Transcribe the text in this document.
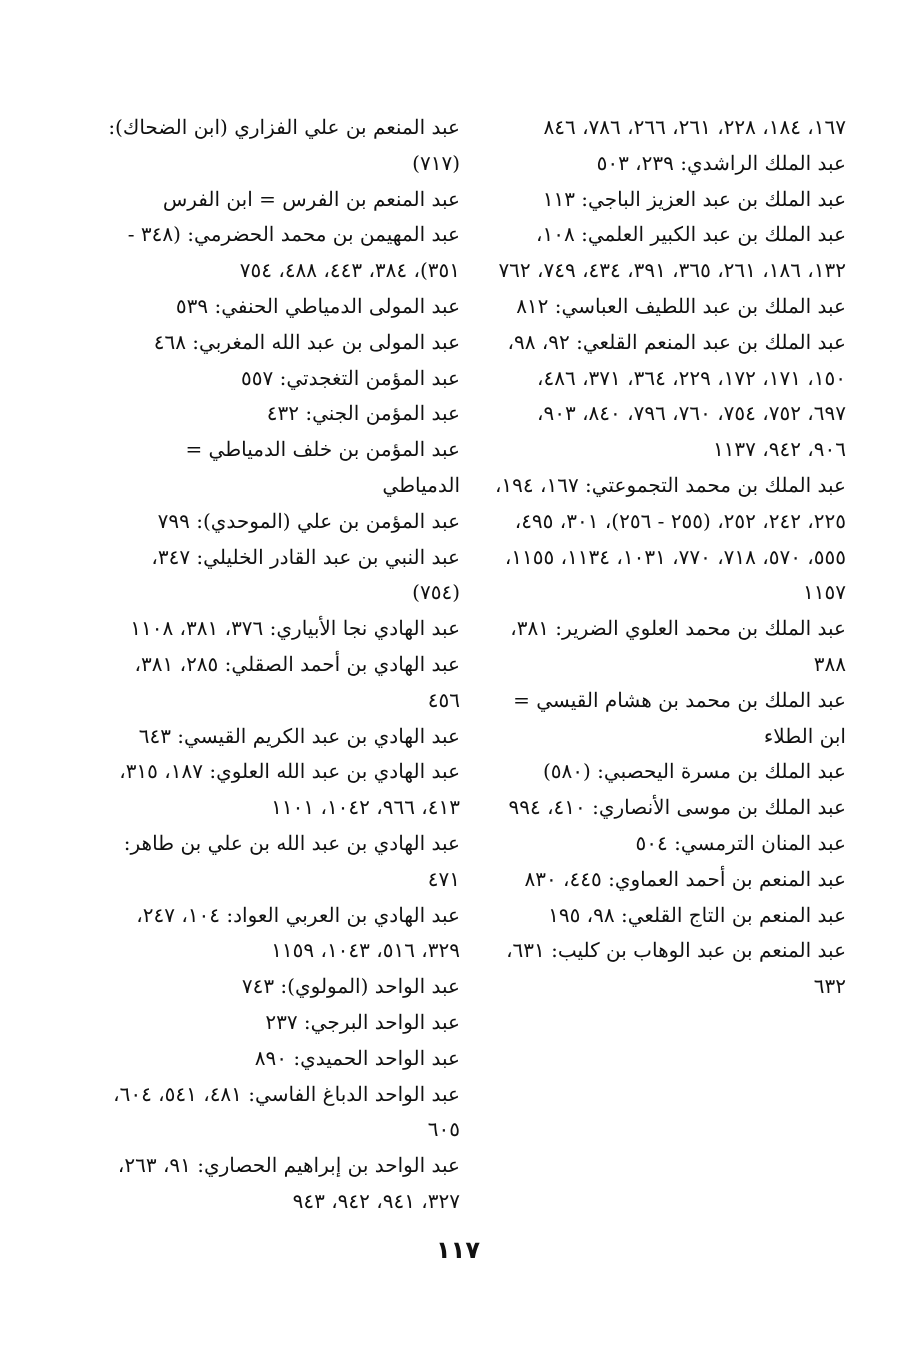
١٦٧، ١٨٤، ٢٢٨، ٢٦١، ٢٦٦، ٧٨٦، ٨٤٦

عبد الملك الراشدي: ٢٣٩، ٥٠٣

عبد الملك بن عبد العزيز الباجي: ١١٣

عبد الملك بن عبد الكبير العلمي: ١٠٨، ١٣٢، ١٨٦، ٢٦١، ٣٦٥، ٣٩١، ٤٣٤، ٧٤٩، ٧٦٢

عبد الملك بن عبد اللطيف العباسي: ٨١٢

عبد الملك بن عبد المنعم القلعي: ٩٢، ٩٨، ١٥٠، ١٧١، ١٧٢، ٢٢٩، ٣٦٤، ٣٧١، ٤٨٦، ٦٩٧، ٧٥٢، ٧٥٤، ٧٦٠، ٧٩٦، ٨٤٠، ٩٠٣، ٩٠٦، ٩٤٢، ١١٣٧

عبد الملك بن محمد التجموعتي: ١٦٧، ١٩٤، ٢٢٥، ٢٤٢، ٢٥٢، (٢٥٥ - ٢٥٦)، ٣٠١، ٤٩٥، ٥٥٥، ٥٧٠، ٧١٨، ٧٧٠، ١٠٣١، ١١٣٤، ١١٥٥، ١١٥٧

عبد الملك بن محمد العلوي الضرير: ٣٨١، ٣٨٨

عبد الملك بن محمد بن هشام القيسي = ابن الطلاء

عبد الملك بن مسرة اليحصبي: (٥٨٠)

عبد الملك بن موسى الأنصاري: ٤١٠، ٩٩٤

عبد المنان الترمسي: ٥٠٤

عبد المنعم بن أحمد العماوي: ٤٤٥، ٨٣٠

عبد المنعم بن التاج القلعي: ٩٨، ١٩٥

عبد المنعم بن عبد الوهاب بن كليب: ٦٣١، ٦٣٢

عبد المنعم بن علي الفزاري (ابن الضحاك): (٧١٧)

عبد المنعم بن الفرس = ابن الفرس

عبد المهيمن بن محمد الحضرمي: (٣٤٨ - ٣٥١)، ٣٨٤، ٤٤٣، ٤٨٨، ٧٥٤

عبد المولى الدمياطي الحنفي: ٥٣٩

عبد المولى بن عبد الله المغربي: ٤٦٨

عبد المؤمن التغجدتي: ٥٥٧

عبد المؤمن الجني: ٤٣٢

عبد المؤمن بن خلف الدمياطي = الدمياطي

عبد المؤمن بن علي (الموحدي): ٧٩٩

عبد النبي بن عبد القادر الخليلي: ٣٤٧، (٧٥٤)

عبد الهادي نجا الأبياري: ٣٧٦، ٣٨١، ١١٠٨

عبد الهادي بن أحمد الصقلي: ٢٨٥، ٣٨١، ٤٥٦

عبد الهادي بن عبد الكريم القيسي: ٦٤٣

عبد الهادي بن عبد الله العلوي: ١٨٧، ٣١٥، ٤١٣، ٩٦٦، ١٠٤٢، ١١٠١

عبد الهادي بن عبد الله بن علي بن طاهر: ٤٧١

عبد الهادي بن العربي العواد: ١٠٤، ٢٤٧، ٣٢٩، ٥١٦، ١٠٤٣، ١١٥٩

عبد الواحد (المولوي): ٧٤٣

عبد الواحد البرجي: ٢٣٧

عبد الواحد الحميدي: ٨٩٠

عبد الواحد الدباغ الفاسي: ٤٨١، ٥٤١، ٦٠٤، ٦٠٥

عبد الواحد بن إبراهيم الحصاري: ٩١، ٢٦٣، ٣٢٧، ٩٤١، ٩٤٢، ٩٤٣

١١٧
